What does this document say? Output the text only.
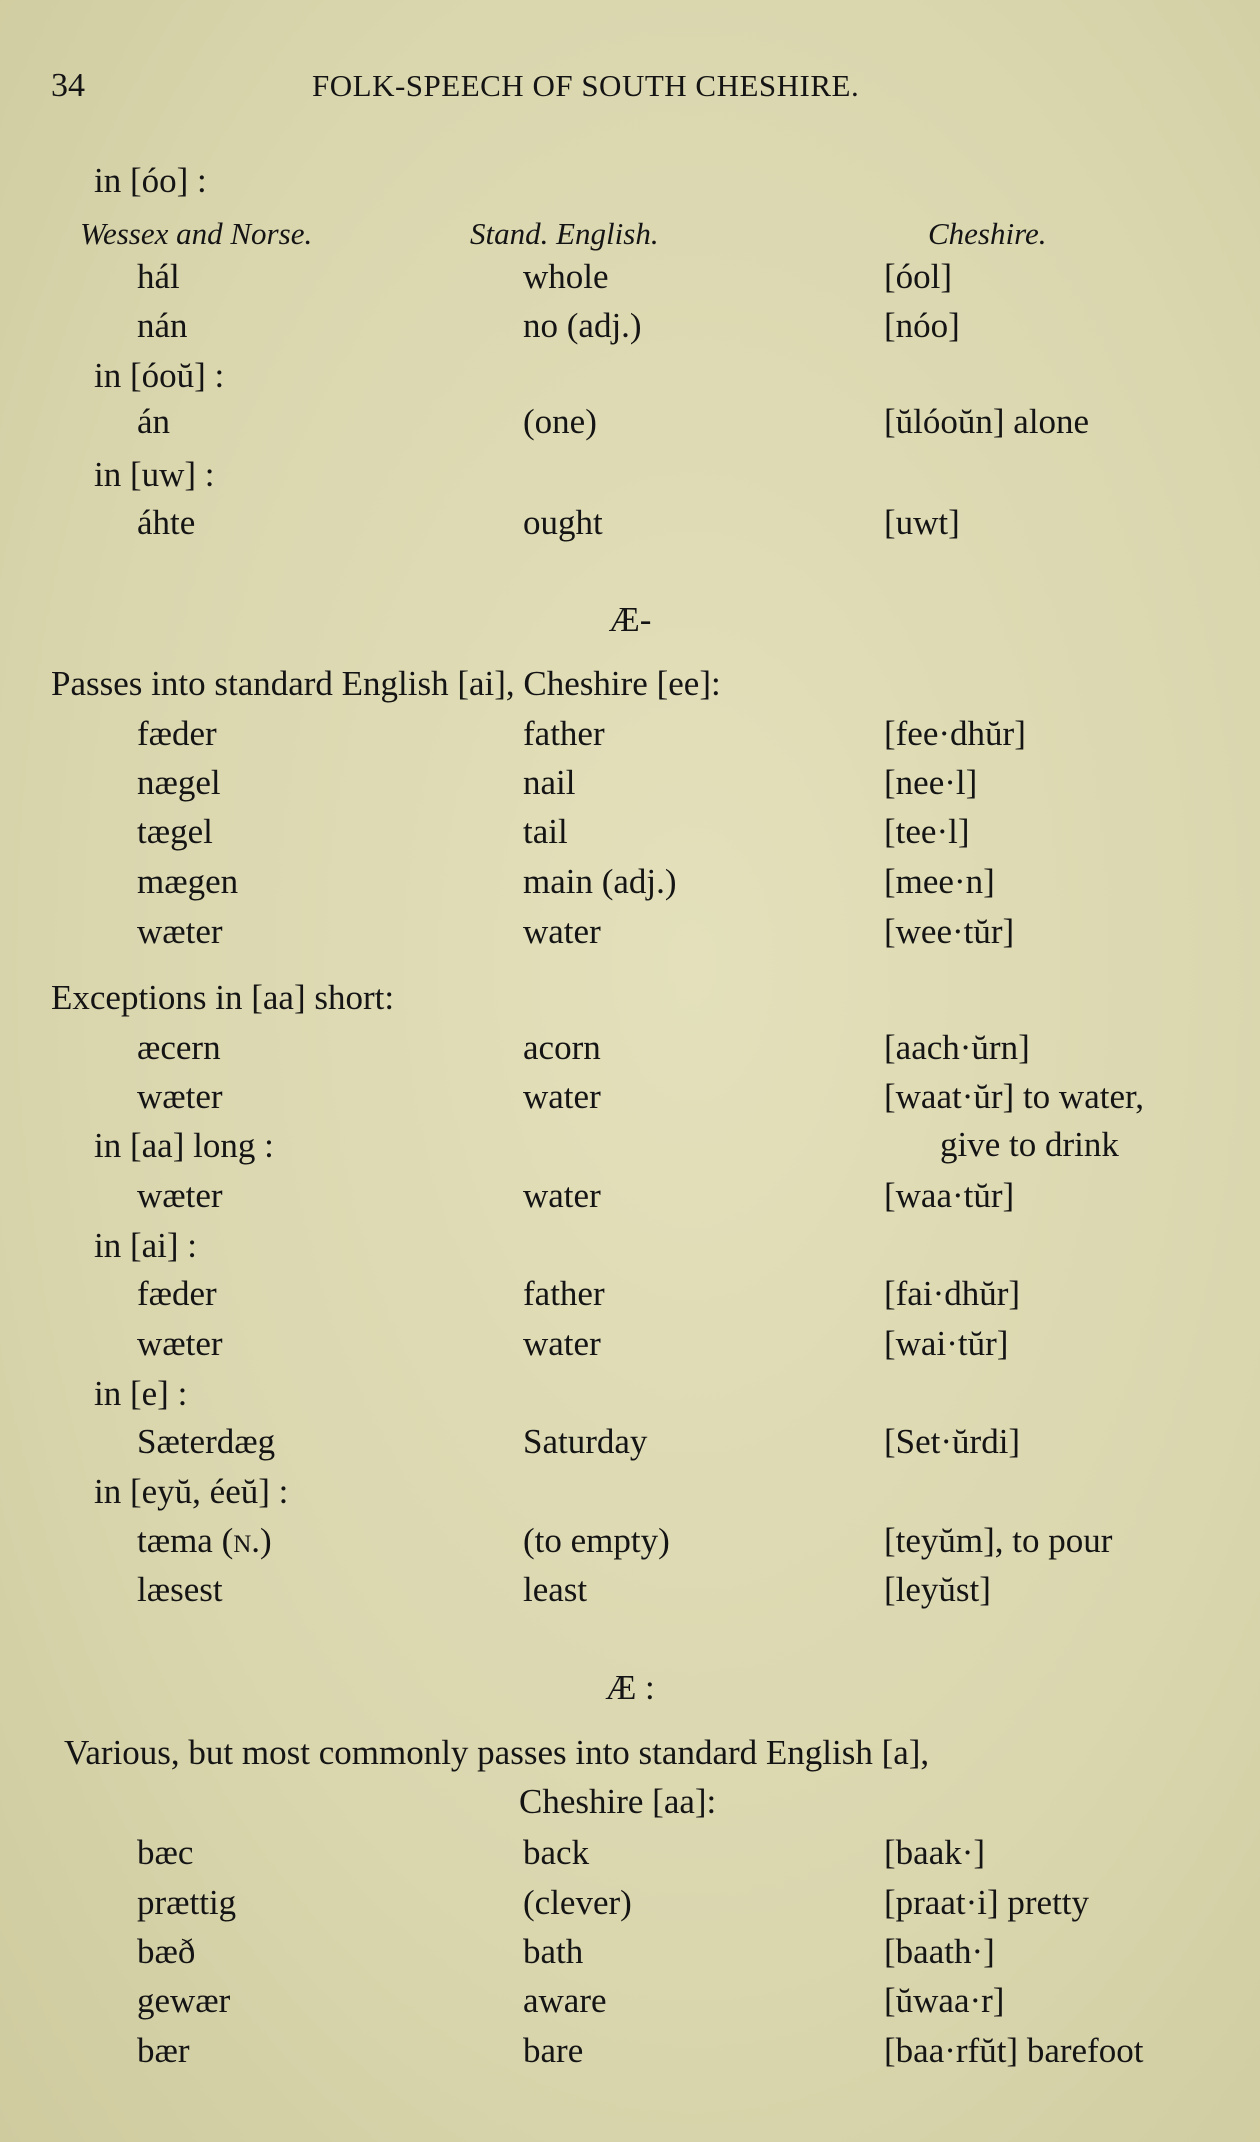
34	FOLK-SPEECH OF SOUTH CHESHIRE.
in [óo] :
Wessex and Norse.	Stand. English.	Cheshire.
hál	whole	[óol]
nán	no (adj.)	[nóo]
in [óoŭ] :
án	(one)	[ŭlóoŭn] alone
in [uw] :
áhte	ought	[uwt]
Æ-
Passes into standard English [ai], Cheshire [ee]:
fæder	father	[fee·dhŭr]
nægel	nail	[nee·l]
tægel	tail	[tee·l]
mægen	main (adj.)	[mee·n]
wæter	water	[wee·tŭr]
Exceptions in [aa] short:
æcern	acorn	[aach·ŭrn]
wæter	water	[waat·ŭr] to water,
give to drink
in [aa] long :
wæter	water	[waa·tŭr]
in [ai] :
fæder	father	[fai·dhŭr]
wæter	water	[wai·tŭr]
in [e] :
Sæterdæg	Saturday	[Set·ŭrdi]
in [eyŭ, éeŭ] :
tæma (n.)	(to empty)	[teyŭm], to pour
læsest	least	[leyŭst]
Æ :
Various, but most commonly passes into standard English [a],
Cheshire [aa]:
bæc	back	[baak·]
prættig	(clever)	[praat·i] pretty
bæð	bath	[baath·]
gewær	aware	[ŭwaa·r]
bær	bare	[baa·rfŭt] barefoot
